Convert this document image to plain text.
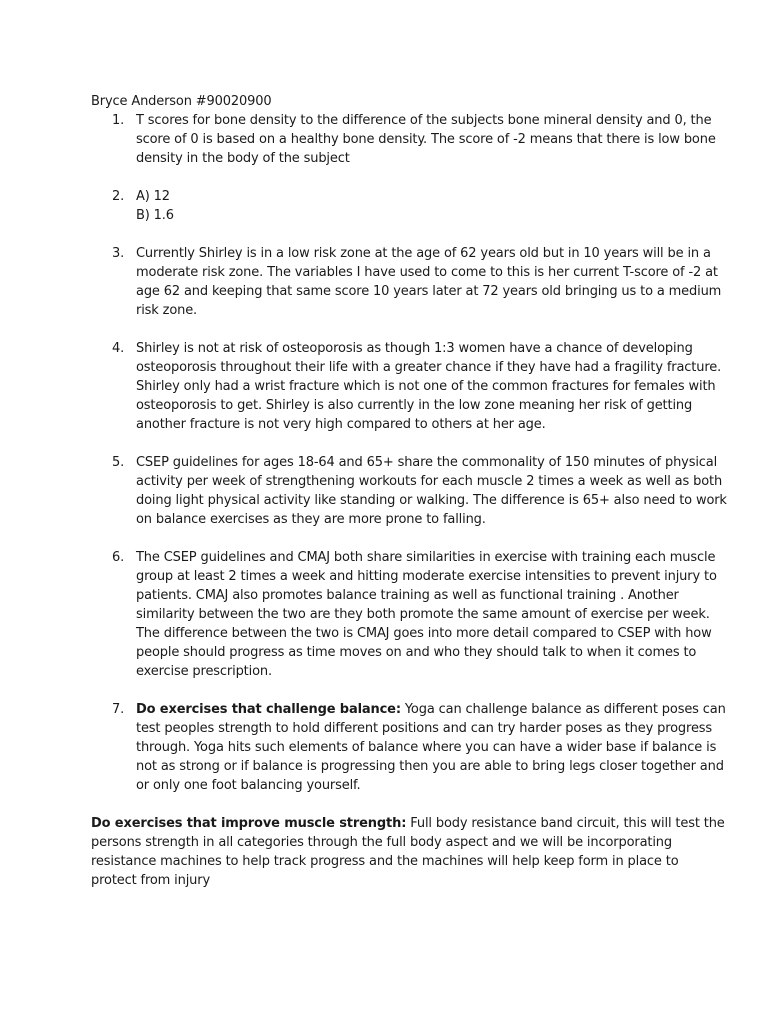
Bryce Anderson #90020900

1. T scores for bone density to the difference of the subjects bone mineral density and 0, the score of 0 is based on a healthy bone density. The score of -2 means that there is low bone density in the body of the subject
2. A) 12
B) 1.6
3. Currently Shirley is in a low risk zone at the age of 62 years old but in 10 years will be in a moderate risk zone. The variables I have used to come to this is her current T-score of -2 at age 62 and keeping that same score 10 years later at 72 years old bringing us to a medium risk zone.
4. Shirley is not at risk of osteoporosis as though 1:3 women have a chance of developing osteoporosis throughout their life with a greater chance if they have had a fragility fracture. Shirley only had a wrist fracture which is not one of the common fractures for females with osteoporosis to get. Shirley is also currently in the low zone meaning her risk of getting another fracture is not very high compared to others at her age.
5. CSEP guidelines for ages 18-64 and 65+ share the commonality of 150 minutes of physical activity per week of strengthening workouts for each muscle 2 times a week as well as both doing light physical activity like standing or walking. The difference is 65+ also need to work on balance exercises as they are more prone to falling.
6. The CSEP guidelines and CMAJ both share similarities in exercise with training each muscle group at least 2 times a week and hitting moderate exercise intensities to prevent injury to patients. CMAJ also promotes balance training as well as functional training . Another similarity between the two are they both promote the same amount of exercise per week. The difference between the two is CMAJ goes into more detail compared to CSEP with how people should progress as time moves on and who they should talk to when it comes to exercise prescription.
7. Do exercises that challenge balance: Yoga can challenge balance as different poses can test peoples strength to hold different positions and can try harder poses as they progress through. Yoga hits such elements of balance where you can have a wider base if balance is not as strong or if balance is progressing then you are able to bring legs closer together and or only one foot balancing yourself.

Do exercises that improve muscle strength: Full body resistance band circuit, this will test the persons strength in all categories through the full body aspect and we will be incorporating resistance machines to help track progress and the machines will help keep form in place to protect from injury
